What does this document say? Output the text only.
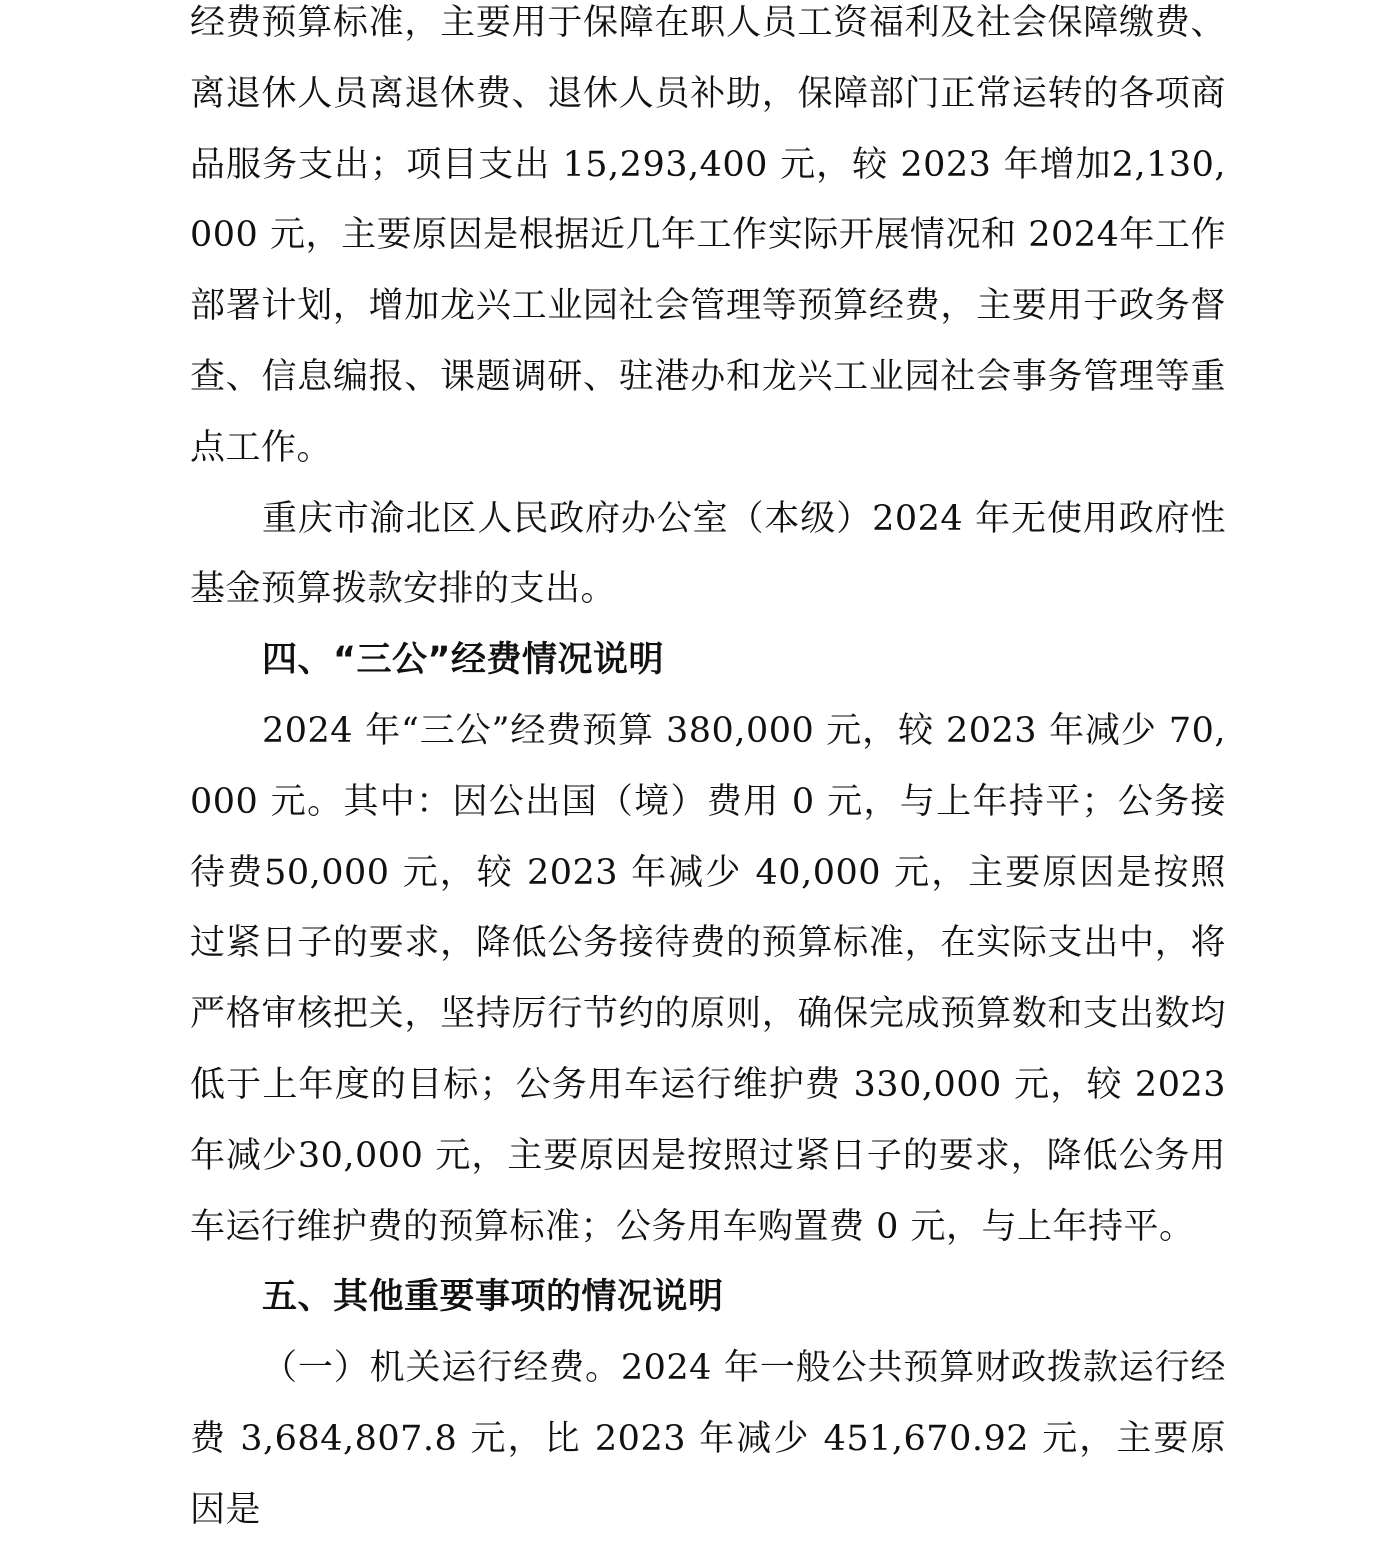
经费预算标准，主要用于保障在职人员工资福利及社会保障缴费、离退休人员离退休费、退休人员补助，保障部门正常运转的各项商品服务支出；项目支出 15,293,400 元，较 2023 年增加2,130,000 元，主要原因是根据近几年工作实际开展情况和 2024年工作部署计划，增加龙兴工业园社会管理等预算经费，主要用于政务督查、信息编报、课题调研、驻港办和龙兴工业园社会事务管理等重点工作。

重庆市渝北区人民政府办公室（本级）2024 年无使用政府性基金预算拨款安排的支出。

四、“三公”经费情况说明

2024 年“三公”经费预算 380,000 元，较 2023 年减少 70,000 元。其中：因公出国（境）费用 0 元，与上年持平；公务接待费50,000 元，较 2023 年减少 40,000 元，主要原因是按照过紧日子的要求，降低公务接待费的预算标准，在实际支出中，将严格审核把关，坚持厉行节约的原则，确保完成预算数和支出数均低于上年度的目标；公务用车运行维护费 330,000 元，较 2023 年减少30,000 元，主要原因是按照过紧日子的要求，降低公务用车运行维护费的预算标准；公务用车购置费 0 元，与上年持平。

五、其他重要事项的情况说明

（一）机关运行经费。2024 年一般公共预算财政拨款运行经费 3,684,807.8 元，比 2023 年减少 451,670.92 元，主要原因是
